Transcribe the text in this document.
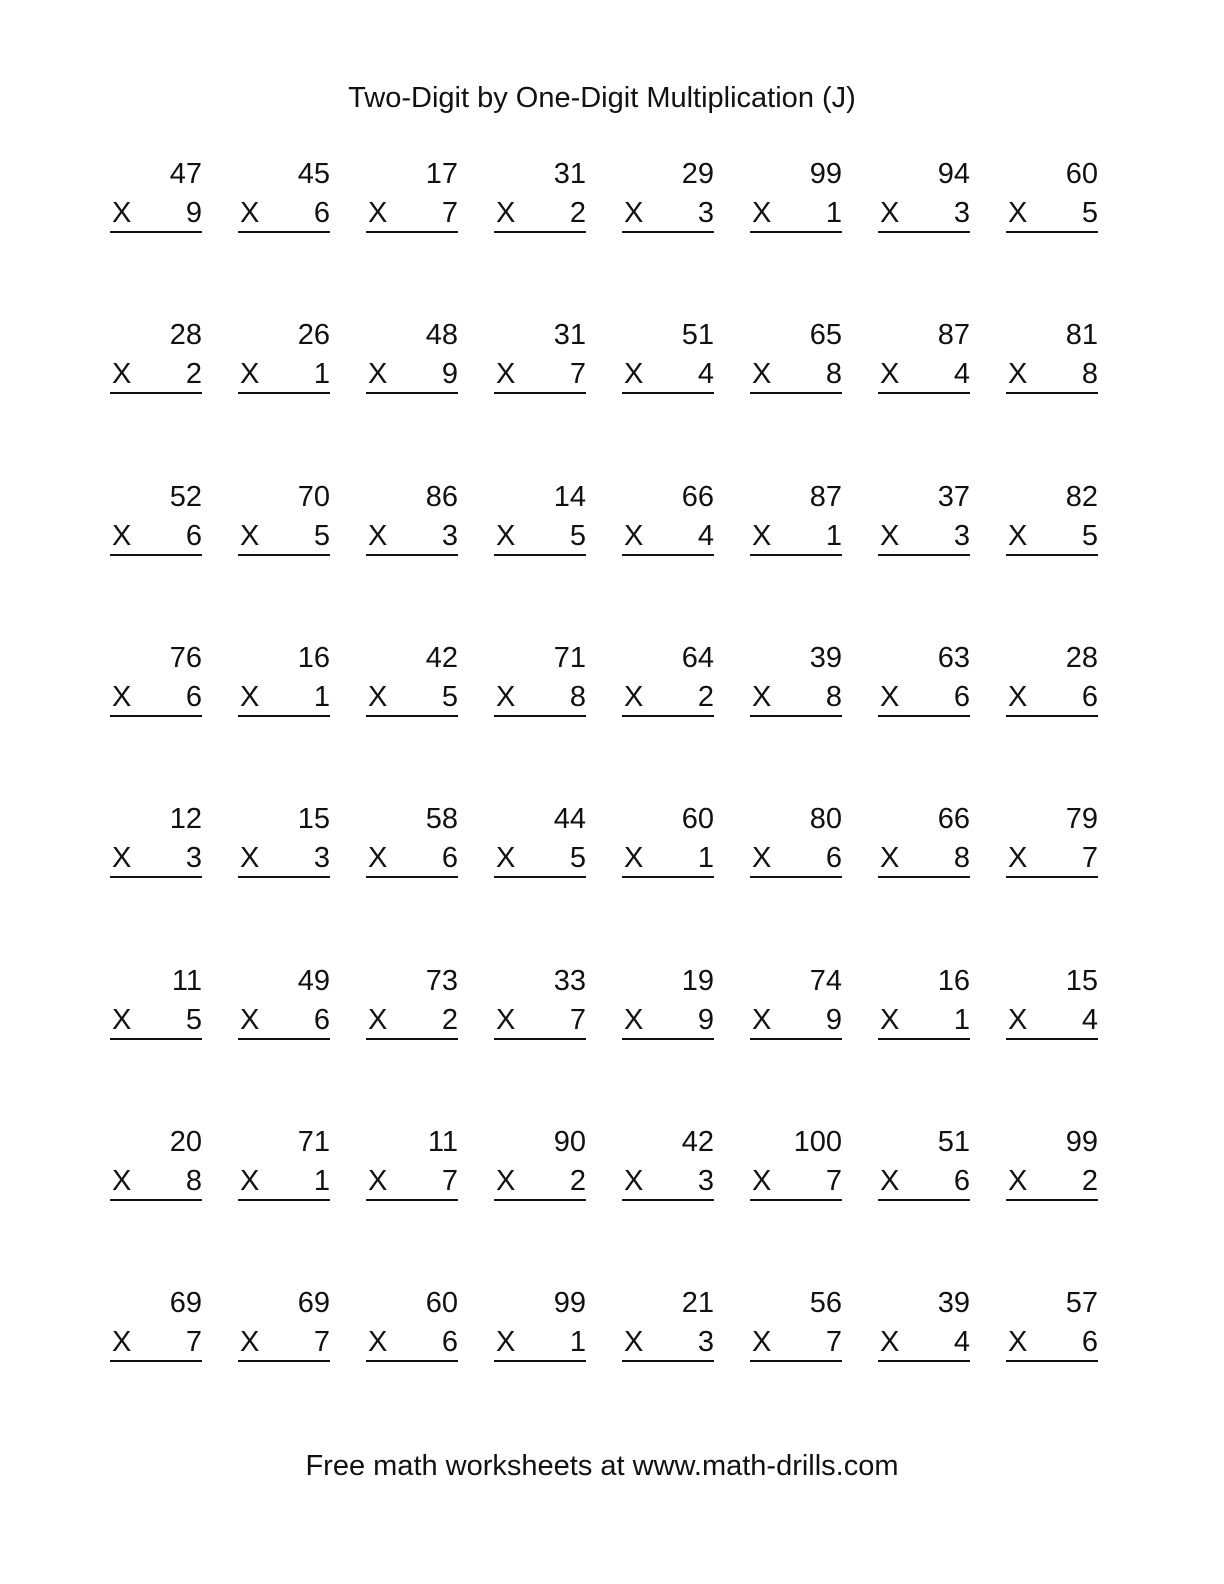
Two-Digit by One-Digit Multiplication (J)
47
X 9
45
X 6
17
X 7
31
X 2
29
X 3
99
X 1
94
X 3
60
X 5
28
X 2
26
X 1
48
X 9
31
X 7
51
X 4
65
X 8
87
X 4
81
X 8
52
X 6
70
X 5
86
X 3
14
X 5
66
X 4
87
X 1
37
X 3
82
X 5
76
X 6
16
X 1
42
X 5
71
X 8
64
X 2
39
X 8
63
X 6
28
X 6
12
X 3
15
X 3
58
X 6
44
X 5
60
X 1
80
X 6
66
X 8
79
X 7
11
X 5
49
X 6
73
X 2
33
X 7
19
X 9
74
X 9
16
X 1
15
X 4
20
X 8
71
X 1
11
X 7
90
X 2
42
X 3
100
X 7
51
X 6
99
X 2
69
X 7
69
X 7
60
X 6
99
X 1
21
X 3
56
X 7
39
X 4
57
X 6
Free math worksheets at www.math-drills.com
